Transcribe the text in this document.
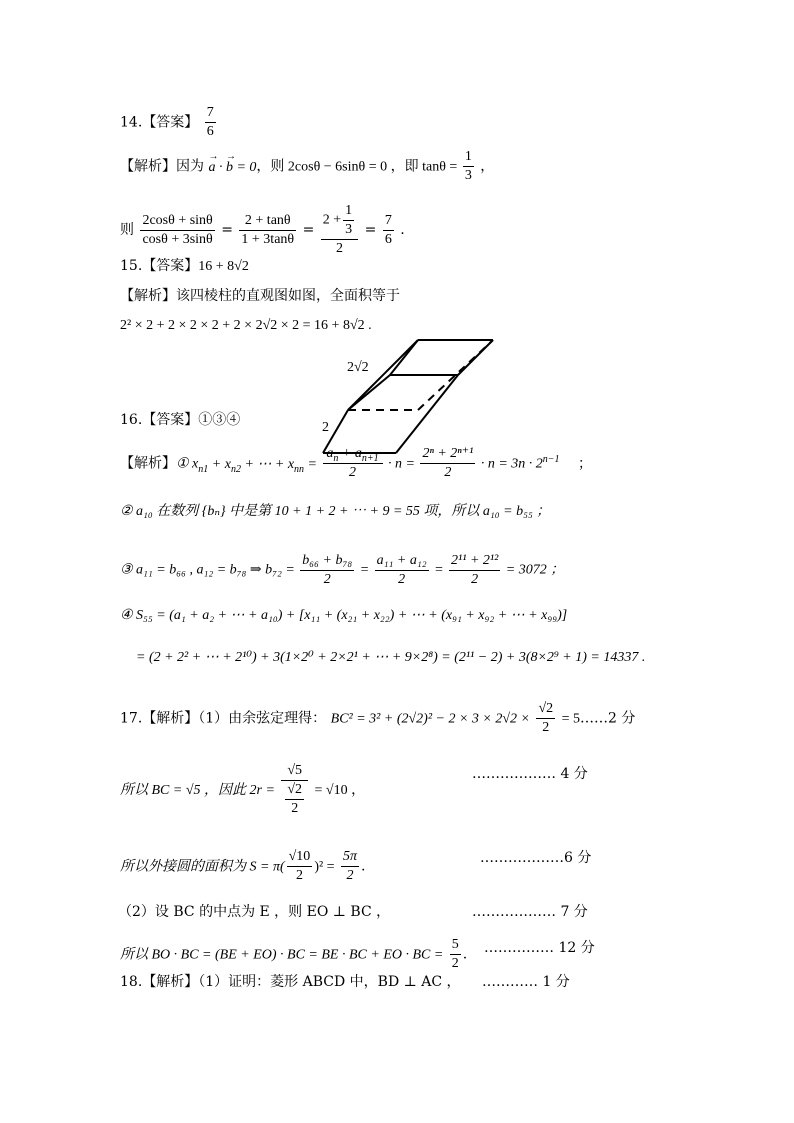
14.【答案】 $\frac{7}{6}$
【解析】因为 → a · → b = 0，则 2cosθ − 6sinθ = 0 ，即 $\tan\theta = \frac{1}{3}$ ，
则 $\frac{2\cos\theta + \sin\theta}{\cos\theta + 3\sin\theta} = \frac{2 + \tan\theta}{1 + 3\tan\theta} = \frac{2 + \frac{1}{3}}{2} = \frac{7}{6}$ .
15.【答案】16 + 8√2
【解析】该四棱柱的直观图如图，全面积等于
2² × 2 + 2 × 2 × 2 + 2 × 2√2 × 2 = 16 + 8√2 .
2√2
2
16.【答案】①③④
【解析】① $x_{n1} + x_{n2}$ + ⋯ + $x_{nn} = \frac{a_n + a_{n+1}}{2} \cdot n = \frac{\text{2ⁿ + 2ⁿ⁺¹}}{2} \cdot n = 3n \cdot 2^{n-1}$ ；
② a₁₀ 在数列 {bₙ} 中是第 10 + 1 + 2 + ⋯ + 9 = 55 项，所以 a₁₀ = b₅₅ ；
③ a₁₁ = b₆₆ , a₁₂ = b₇₈ ⇒ $b_{72} = \frac{\text{b₆₆ + b₇₈}}{2} = \frac{\text{a₁₁ + a₁₂}}{2} = \frac{\text{2¹¹ + 2¹²}}{2} = 3072$ ；
④ S₅₅ = (a₁ + a₂ + ⋯ + a₁₀) + [x₁₁ + (x₂₁ + x₂₂) + ⋯ + (x₉₁ + x₉₂ + ⋯ + x₉₉)]
= (2 + 2² + ⋯ + 2¹⁰) + 3(1×2⁰ + 2×2¹ + ⋯ + 9×2⁸) = (2¹¹ − 2) + 3(8×2⁹ + 1) = 14337 .
17.【解析】（1）由余弦定理得： $BC^2 = 3^2 + (2√2)^2 - 2 \times 3 \times 2√2 \times \frac{√2}{2}$ = 5……2 分
所以 BC = √5 ，因此 $2r = \frac{√5}{\frac{√2}{2}} = √10$ ，
……………… 4 分
所以外接圆的面积为 $S = \pi( \frac{√10}{2} )^2 = \frac{5\pi}{2}$ .
………………6 分
（2）设 BC 的中点为 E ，则 EO ⊥ BC ，	……………… 7 分
所以 BO · BC = (BE + EO) · BC = BE · BC + EO · BC = $\frac{5}{2}$ . …………… 12 分
18.【解析】（1）证明：菱形 ABCD 中，BD ⊥ AC ， ………… 1 分
